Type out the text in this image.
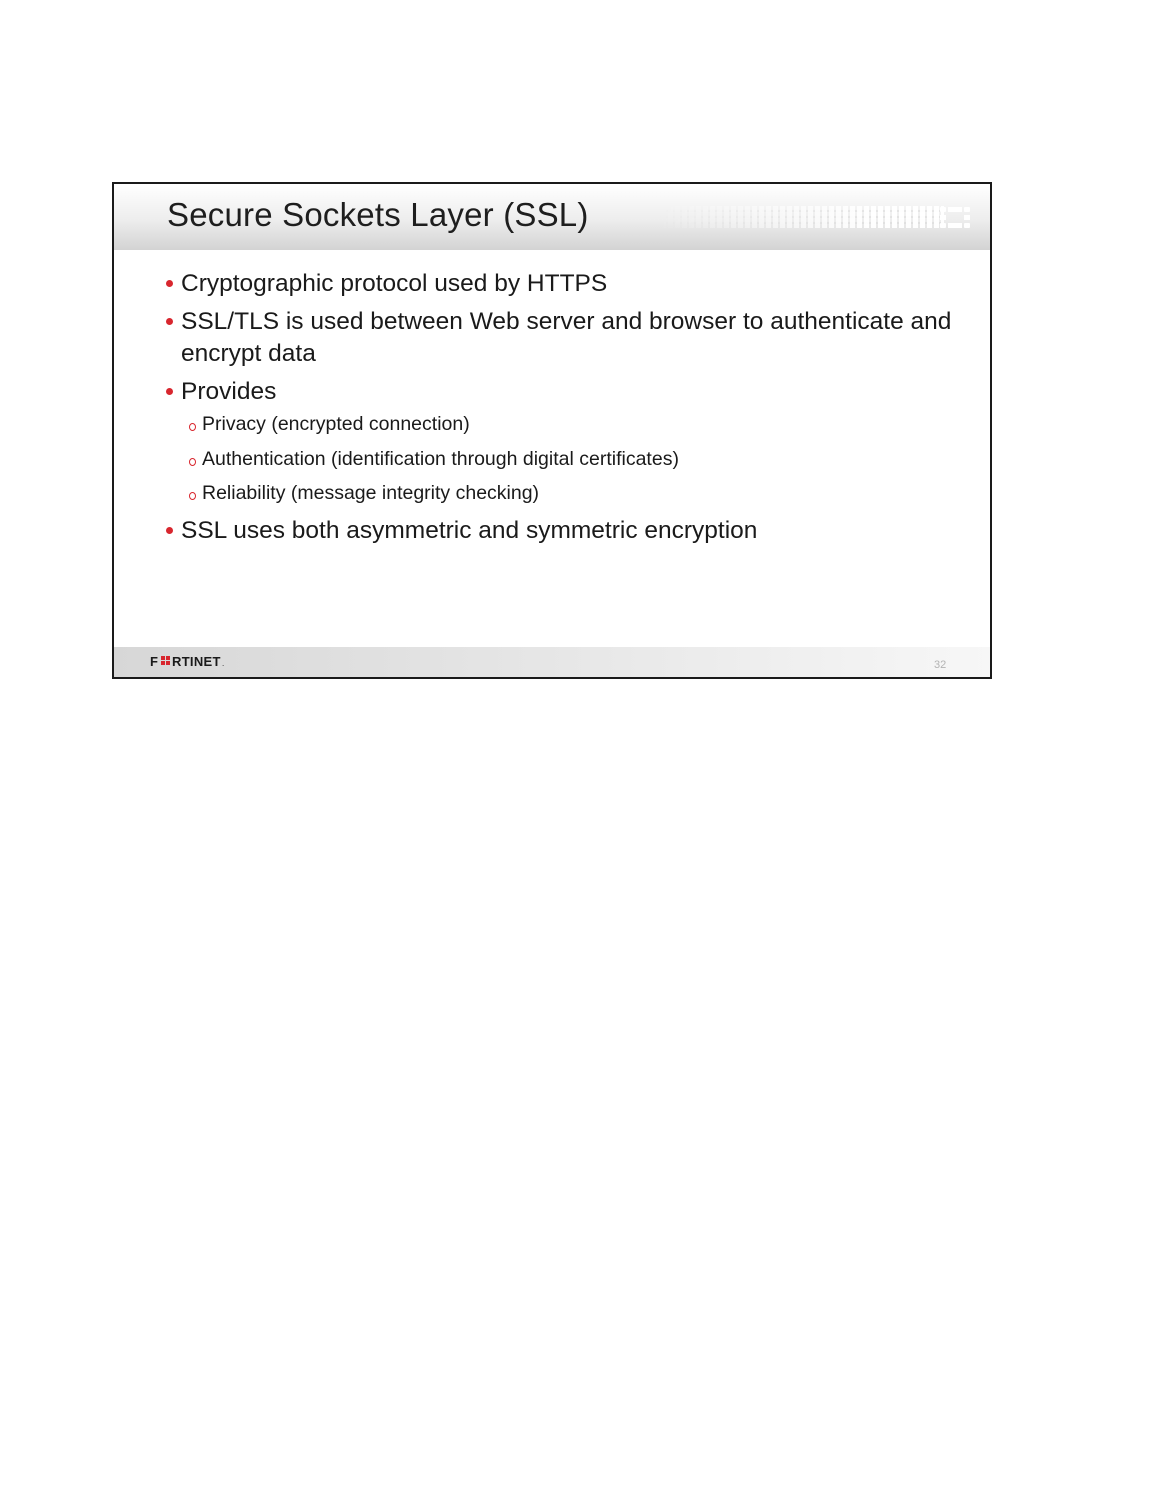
Secure Sockets Layer (SSL)
Cryptographic protocol used by HTTPS
SSL/TLS is used between Web server and browser to authenticate and encrypt data
Provides
Privacy (encrypted connection)
Authentication (identification through digital certificates)
Reliability (message integrity checking)
SSL uses both asymmetric and symmetric encryption
F RTINET .	32
